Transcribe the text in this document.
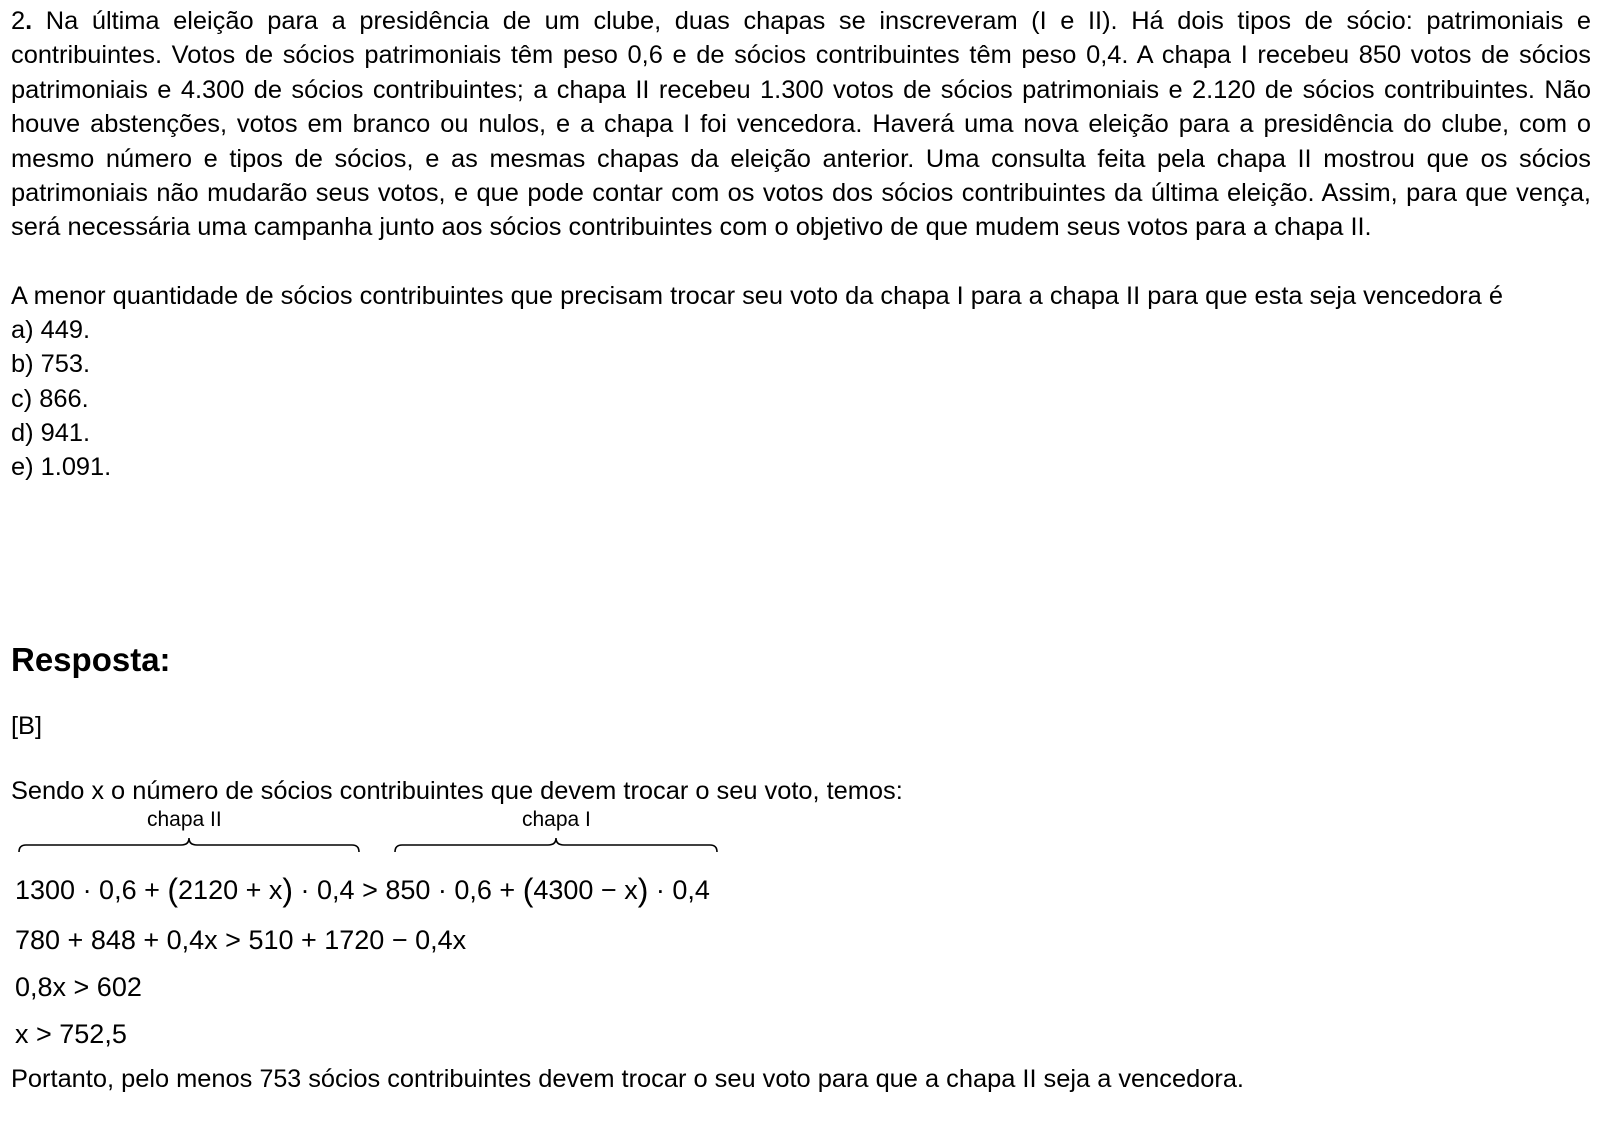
2. Na última eleição para a presidência de um clube, duas chapas se inscreveram (I e II). Há dois tipos de sócio: patrimoniais e contribuintes. Votos de sócios patrimoniais têm peso 0,6 e de sócios contribuintes têm peso 0,4. A chapa I recebeu 850 votos de sócios patrimoniais e 4.300 de sócios contribuintes; a chapa II recebeu 1.300 votos de sócios patrimoniais e 2.120 de sócios contribuintes. Não houve abstenções, votos em branco ou nulos, e a chapa I foi vencedora. Haverá uma nova eleição para a presidência do clube, com o mesmo número e tipos de sócios, e as mesmas chapas da eleição anterior. Uma consulta feita pela chapa II mostrou que os sócios patrimoniais não mudarão seus votos, e que pode contar com os votos dos sócios contribuintes da última eleição. Assim, para que vença, será necessária uma campanha junto aos sócios contribuintes com o objetivo de que mudem seus votos para a chapa II.

A menor quantidade de sócios contribuintes que precisam trocar seu voto da chapa I para a chapa II para que esta seja vencedora é
a) 449.
b) 753.
c) 866.
d) 941.
e) 1.091.
Resposta:
[B]
Sendo x o número de sócios contribuintes que devem trocar o seu voto, temos:
chapa II	chapa I
1300 · 0,6 + (2120 + x) · 0,4 > 850 · 0,6 + (4300 − x) · 0,4
780 + 848 + 0,4x > 510 + 1720 − 0,4x
0,8x > 602
x > 752,5
Portanto, pelo menos 753 sócios contribuintes devem trocar o seu voto para que a chapa II seja a vencedora.
